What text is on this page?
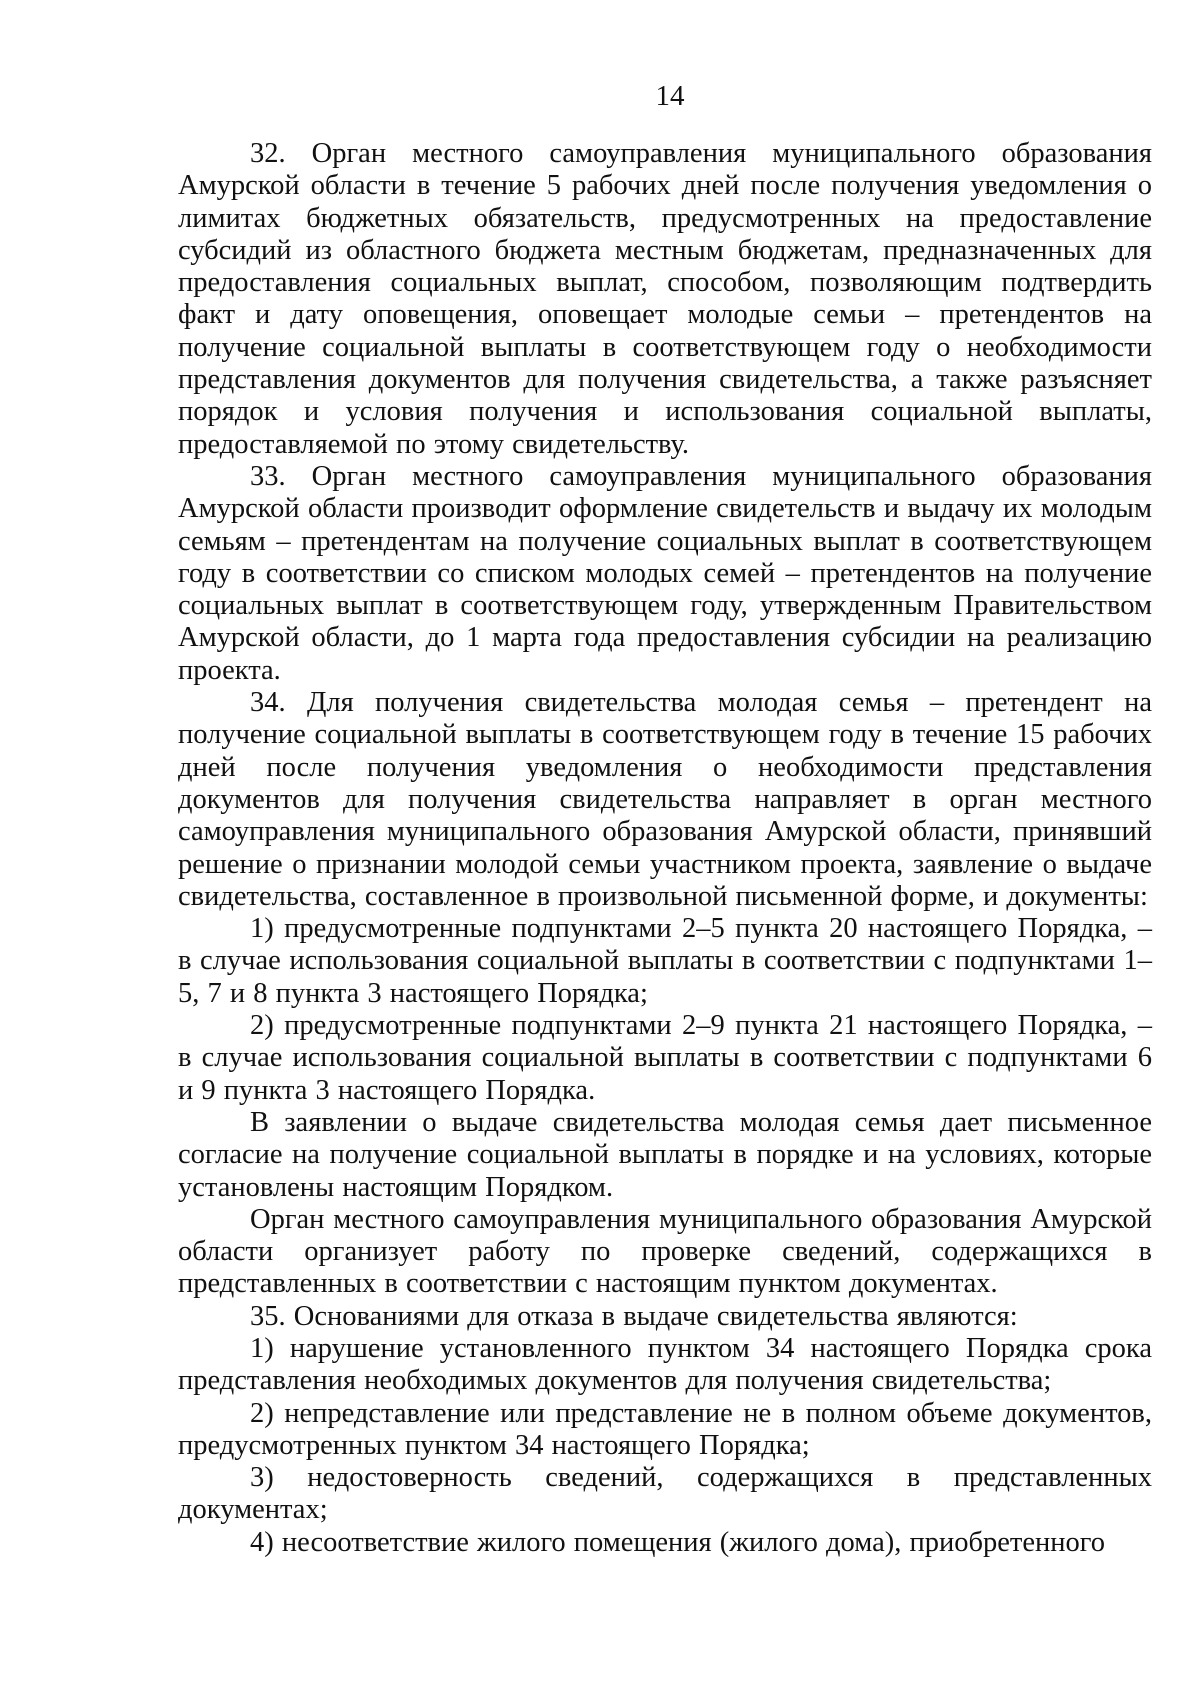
14

32. Орган местного самоуправления муниципального образования Амурской области в течение 5 рабочих дней после получения уведомления о лимитах бюджетных обязательств, предусмотренных на предоставление субсидий из областного бюджета местным бюджетам, предназначенных для предоставления социальных выплат, способом, позволяющим подтвердить факт и дату оповещения, оповещает молодые семьи – претендентов на получение социальной выплаты в соответствующем году о необходимости представления документов для получения свидетельства, а также разъясняет порядок и условия получения и использования социальной выплаты, предоставляемой по этому свидетельству.

33. Орган местного самоуправления муниципального образования Амурской области производит оформление свидетельств и выдачу их молодым семьям – претендентам на получение социальных выплат в соответствующем году в соответствии со списком молодых семей – претендентов на получение социальных выплат в соответствующем году, утвержденным Правительством Амурской области, до 1 марта года предоставления субсидии на реализацию проекта.

34. Для получения свидетельства молодая семья – претендент на получение социальной выплаты в соответствующем году в течение 15 рабочих дней после получения уведомления о необходимости представления документов для получения свидетельства направляет в орган местного самоуправления муниципального образования Амурской области, принявший решение о признании молодой семьи участником проекта, заявление о выдаче свидетельства, составленное в произвольной письменной форме, и документы:

1) предусмотренные подпунктами 2–5 пункта 20 настоящего Порядка, – в случае использования социальной выплаты в соответствии с подпунктами 1–5, 7 и 8 пункта 3 настоящего Порядка;

2) предусмотренные подпунктами 2–9 пункта 21 настоящего Порядка, – в случае использования социальной выплаты в соответствии с подпунктами 6 и 9 пункта 3 настоящего Порядка.

В заявлении о выдаче свидетельства молодая семья дает письменное согласие на получение социальной выплаты в порядке и на условиях, которые установлены настоящим Порядком.

Орган местного самоуправления муниципального образования Амурской области организует работу по проверке сведений, содержащихся в представленных в соответствии с настоящим пунктом документах.

35. Основаниями для отказа в выдаче свидетельства являются:

1) нарушение установленного пунктом 34 настоящего Порядка срока представления необходимых документов для получения свидетельства;

2) непредставление или представление не в полном объеме документов, предусмотренных пунктом 34 настоящего Порядка;

3) недостоверность сведений, содержащихся в представленных документах;

4) несоответствие жилого помещения (жилого дома), приобретенного
